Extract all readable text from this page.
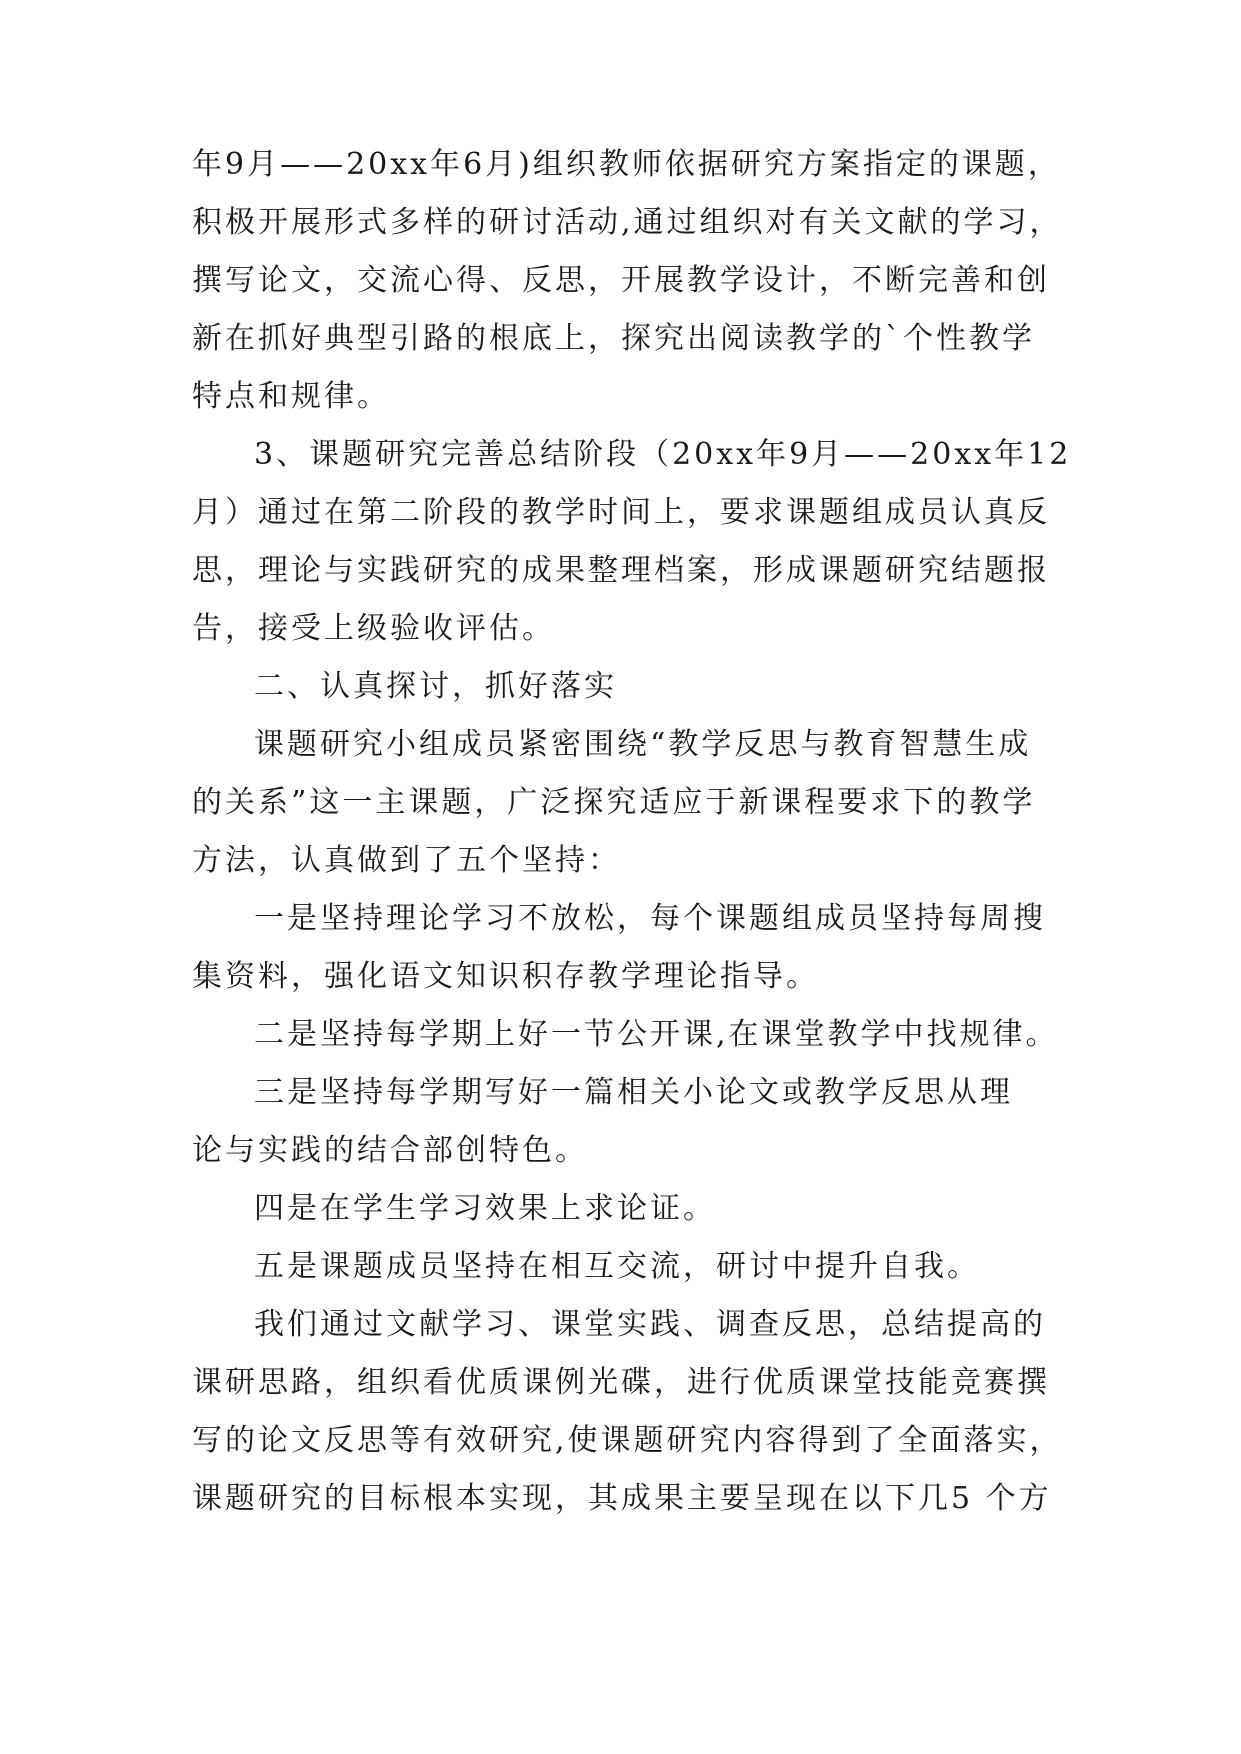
年9月——20xx年6月)组织教师依据研究方案指定的课题，
积极开展形式多样的研讨活动,通过组织对有关文献的学习，
撰写论文，交流心得、反思，开展教学设计，不断完善和创
新在抓好典型引路的根底上，探究出阅读教学的`个性教学
特点和规律。
3、课题研究完善总结阶段（20xx年9月——20xx年12
月）通过在第二阶段的教学时间上，要求课题组成员认真反
思，理论与实践研究的成果整理档案，形成课题研究结题报
告，接受上级验收评估。
二、认真探讨，抓好落实
课题研究小组成员紧密围绕“教学反思与教育智慧生成
的关系”这一主课题，广泛探究适应于新课程要求下的教学
方法，认真做到了五个坚持：
一是坚持理论学习不放松，每个课题组成员坚持每周搜
集资料，强化语文知识积存教学理论指导。
二是坚持每学期上好一节公开课,在课堂教学中找规律。
三是坚持每学期写好一篇相关小论文或教学反思从理
论与实践的结合部创特色。
四是在学生学习效果上求论证。
五是课题成员坚持在相互交流，研讨中提升自我。
我们通过文献学习、课堂实践、调查反思，总结提高的
课研思路，组织看优质课例光碟，进行优质课堂技能竞赛撰
写的论文反思等有效研究,使课题研究内容得到了全面落实，
课题研究的目标根本实现，其成果主要呈现在以下几5 个方
